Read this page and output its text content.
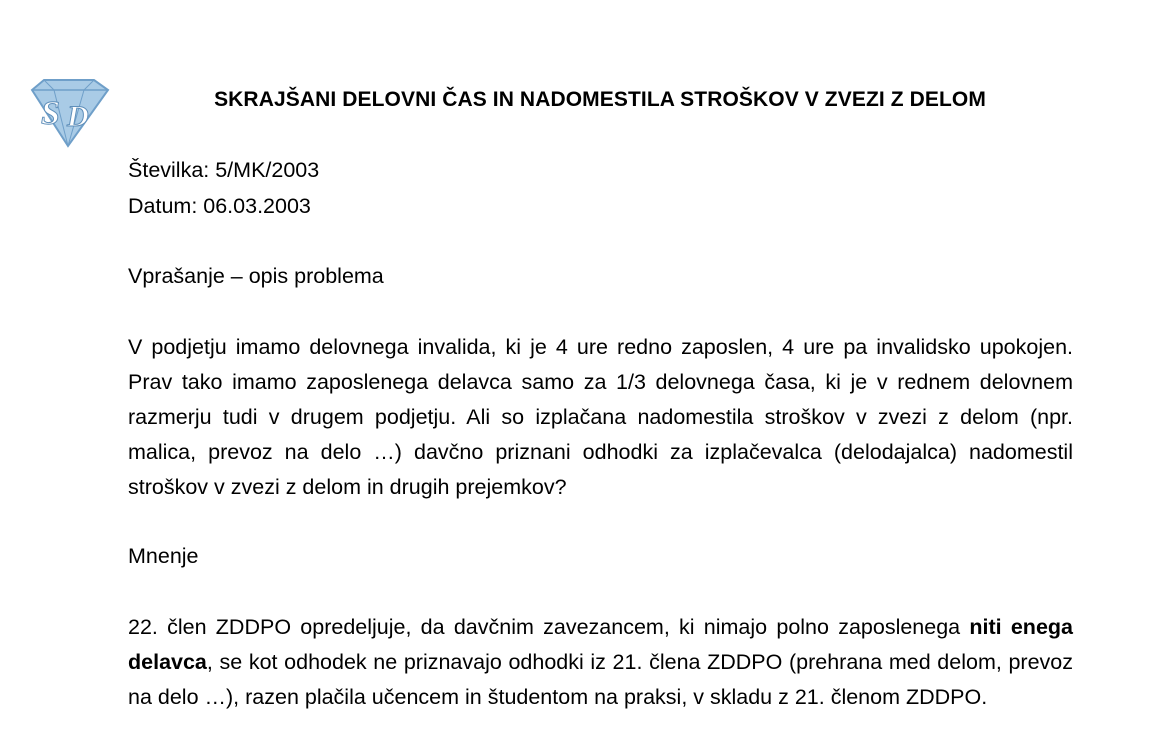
S D
SKRAJŠANI DELOVNI ČAS IN NADOMESTILA STROŠKOV V ZVEZI Z DELOM
Številka: 5/MK/2003
Datum: 06.03.2003
Vprašanje – opis problema

V podjetju imamo delovnega invalida, ki je 4 ure redno zaposlen, 4 ure pa invalidsko upokojen. Prav tako imamo zaposlenega delavca samo za 1/3 delovnega časa, ki je v rednem delovnem razmerju tudi v drugem podjetju. Ali so izplačana nadomestila stroškov v zvezi z delom (npr. malica, prevoz na delo …) davčno priznani odhodki za izplačevalca (delodajalca) nadomestil stroškov v zvezi z delom in drugih prejemkov?

Mnenje

22. člen ZDDPO opredeljuje, da davčnim zavezancem, ki nimajo polno zaposlenega niti enega delavca, se kot odhodek ne priznavajo odhodki iz 21. člena ZDDPO (prehrana med delom, prevoz na delo …), razen plačila učencem in študentom na praksi, v skladu z 21. členom ZDDPO.
